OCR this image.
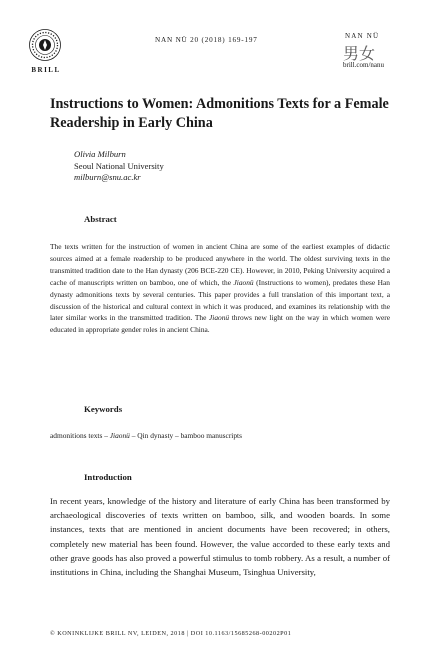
BRILL
NAN NÜ 20 (2018) 169-197	NAN NÜ
男女
brill.com/nanu
Instructions to Women: Admonitions Texts for a Female Readership in Early China
Olivia Milburn
Seoul National University
milburn@snu.ac.kr
Abstract
The texts written for the instruction of women in ancient China are some of the earliest examples of didactic sources aimed at a female readership to be produced anywhere in the world. The oldest surviving texts in the transmitted tradition date to the Han dynasty (206 BCE-220 CE). However, in 2010, Peking University acquired a cache of manuscripts written on bamboo, one of which, the Jiaonü (Instructions to women), predates these Han dynasty admonitions texts by several centuries. This paper provides a full translation of this important text, a discussion of the historical and cultural context in which it was produced, and examines its relationship with the later similar works in the transmitted tradition. The Jiaonü throws new light on the way in which women were educated in appropriate gender roles in ancient China.
Keywords
admonitions texts – Jiaonü – Qin dynasty – bamboo manuscripts
Introduction
In recent years, knowledge of the history and literature of early China has been transformed by archaeological discoveries of texts written on bamboo, silk, and wooden boards. In some instances, texts that are mentioned in ancient documents have been recovered; in others, completely new material has been found. However, the value accorded to these early texts and other grave goods has also proved a powerful stimulus to tomb robbery. As a result, a number of institutions in China, including the Shanghai Museum, Tsinghua University,
© KONINKLIJKE BRILL NV, LEIDEN, 2018 | DOI 10.1163/15685268-00202P01
